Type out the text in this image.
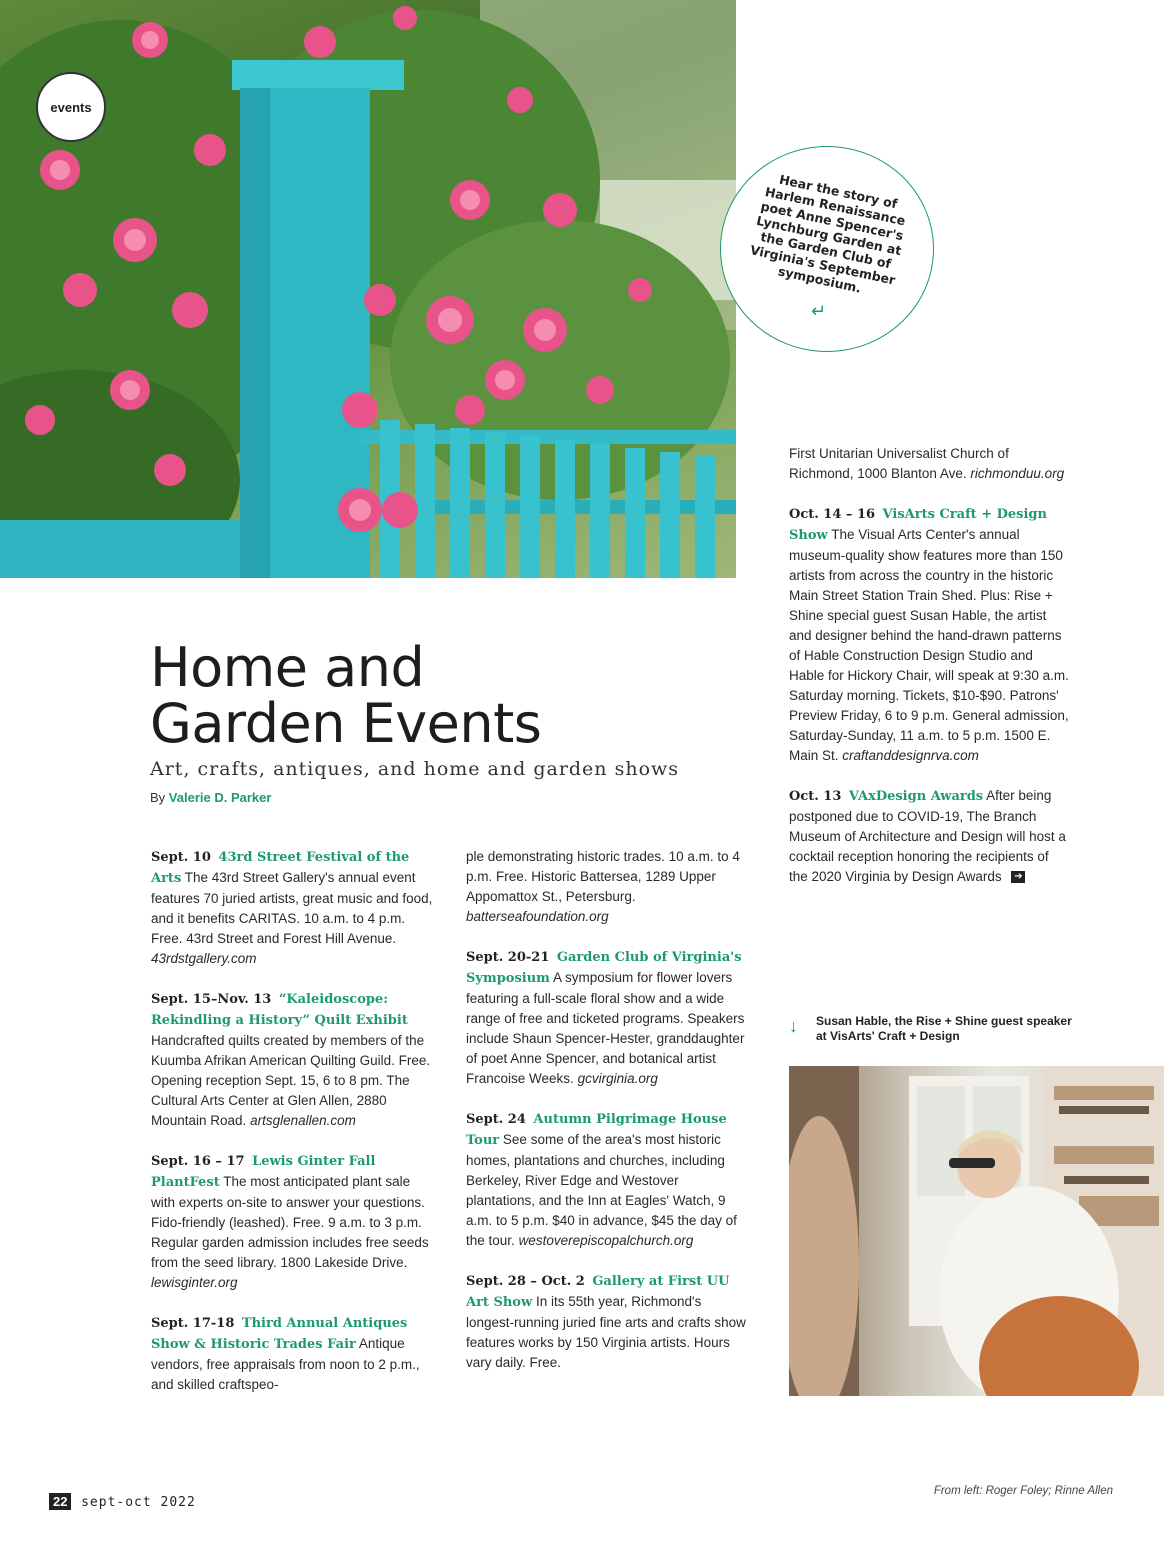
events
Hear the story of Harlem Renaissance poet Anne Spencer's Lynchburg Garden at the Garden Club of Virginia's September symposium.
↵
Home and
Garden Events
Art, crafts, antiques, and home and garden shows
By Valerie D. Parker

Sept. 10 43rd Street Festival of the Arts The 43rd Street Gallery's annual event features 70 juried artists, great music and food, and it benefits CARITAS. 10 a.m. to 4 p.m. Free. 43rd Street and Forest Hill Avenue. 43rdstgallery.com

Sept. 15–Nov. 13 “Kaleidoscope: Rekindling a History” Quilt Exhibit Handcrafted quilts created by members of the Kuumba Afrikan American Quilting Guild. Free. Opening reception Sept. 15, 6 to 8 pm. The Cultural Arts Center at Glen Allen, 2880 Mountain Road. artsglenallen.com

Sept. 16 – 17 Lewis Ginter Fall PlantFest The most anticipated plant sale with experts on-site to answer your questions. Fido-friendly (leashed). Free. 9 a.m. to 3 p.m. Regular garden admission includes free seeds from the seed library. 1800 Lakeside Drive. lewisginter.org

Sept. 17-18 Third Annual Antiques Show & Historic Trades Fair Antique vendors, free appraisals from noon to 2 p.m., and skilled craftspeo-

ple demonstrating historic trades. 10 a.m. to 4 p.m. Free. Historic Battersea, 1289 Upper Appomattox St., Petersburg. batterseafoundation.org

Sept. 20-21 Garden Club of Virginia's Symposium A symposium for flower lovers featuring a full-scale floral show and a wide range of free and ticketed programs. Speakers include Shaun Spencer-Hester, granddaughter of poet Anne Spencer, and botanical artist Francoise Weeks. gcvirginia.org

Sept. 24 Autumn Pilgrimage House Tour See some of the area's most historic homes, plantations and churches, including Berkeley, River Edge and Westover plantations, and the Inn at Eagles' Watch, 9 a.m. to 5 p.m. $40 in advance, $45 the day of the tour. westoverepiscopalchurch.org

Sept. 28 – Oct. 2 Gallery at First UU Art Show In its 55th year, Richmond's longest-running juried fine arts and crafts show features works by 150 Virginia artists. Hours vary daily. Free.

First Unitarian Universalist Church of Richmond, 1000 Blanton Ave. richmonduu.org

Oct. 14 – 16 VisArts Craft + Design Show The Visual Arts Center's annual museum-quality show features more than 150 artists from across the country in the historic Main Street Station Train Shed. Plus: Rise + Shine special guest Susan Hable, the artist and designer behind the hand-drawn patterns of Hable Construction Design Studio and Hable for Hickory Chair, will speak at 9:30 a.m. Saturday morning. Tickets, $10-$90. Patrons' Preview Friday, 6 to 9 p.m. General admission, Saturday-Sunday, 11 a.m. to 5 p.m. 1500 E. Main St. craftanddesignrva.com

Oct. 13 VAxDesign Awards After being postponed due to COVID-19, The Branch Museum of Architecture and Design will host a cocktail reception honoring the recipients of the 2020 Virginia by Design Awards ➔

↓ Susan Hable, the Rise + Shine guest speaker at VisArts' Craft + Design
22 sept-oct 2022
From left: Roger Foley; Rinne Allen
